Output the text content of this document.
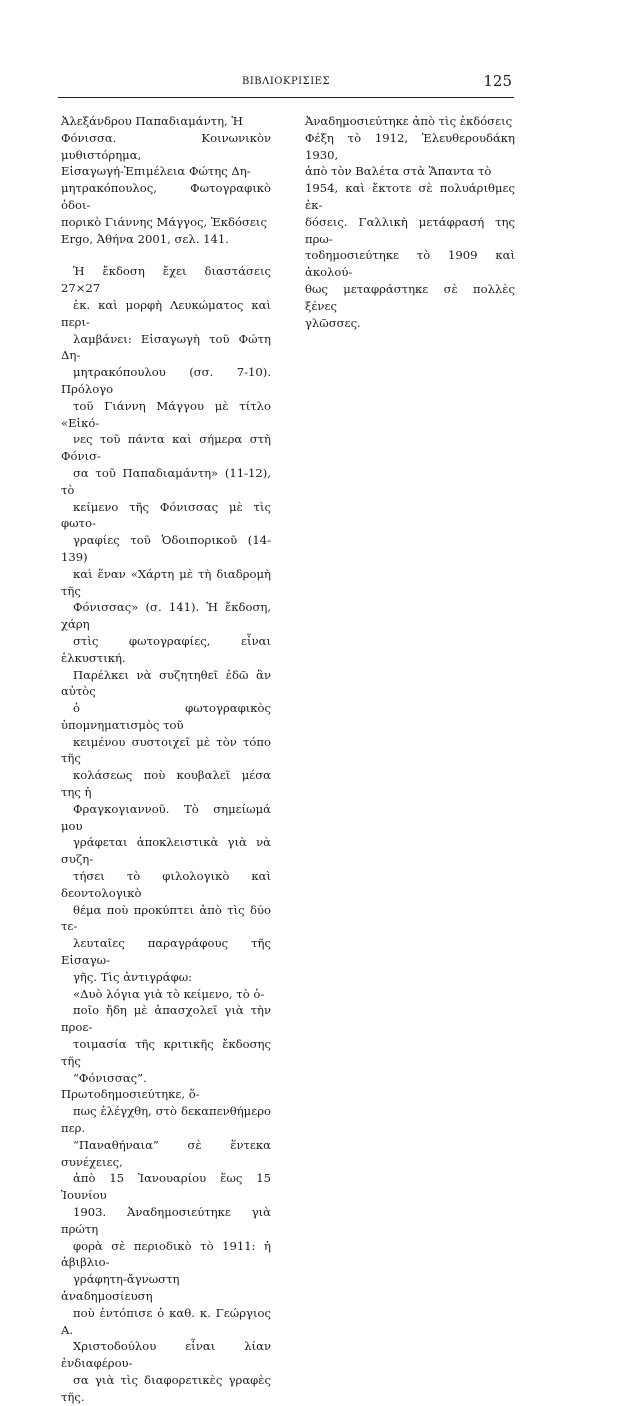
ΒΙΒΛΙΟΚΡΙΣΙΕΣ	125

Ἀλεξάνδρου Παπαδιαμάντη, Ἡ
Φόνισσα. Κοινωνικὸν μυθιστόρημα,
Εἰσαγωγή-Ἐπιμέλεια Φώτης Δη-
μητρακόπουλος, Φωτογραφικὸ ὁδοι-
πορικὸ Γιάννης Μάγγος, Ἐκδόσεις
Ergo, Ἀθήνα 2001, σελ. 141.

Ἡ ἔκδοση ἔχει διαστάσεις 27×27
ἑκ. καὶ μορφὴ Λευκώματος καὶ περι-
λαμβάνει: Εἰσαγωγὴ τοῦ Φώτη Δη-
μητρακόπουλου (σσ. 7-10). Πρόλογο
τοῦ Γιάννη Μάγγου μὲ τίτλο «Εἰκό-
νες τοῦ πάντα καὶ σήμερα στὴ Φόνισ-
σα τοῦ Παπαδιαμάντη» (11-12), τὸ
κείμενο τῆς Φόνισσας μὲ τὶς φωτο-
γραφίες τοῦ Ὁδοιπορικοῦ (14-139)
καὶ ἕναν «Χάρτη μὲ τὴ διαδρομὴ τῆς
Φόνισσας» (σ. 141). Ἡ ἔκδοση, χάρη
στὶς φωτογραφίες, εἶναι ἑλκυστική.
Παρέλκει νὰ συζητηθεῖ ἐδῶ ἂν αὐτὸς
ὁ φωτογραφικὸς ὑπομνηματισμὸς τοῦ
κειμένου συστοιχεῖ μὲ τὸν τόπο τῆς
κολάσεως ποὺ κουβαλεῖ μέσα της ἡ
Φραγκογιαννοῦ. Τὸ σημείωμά μου
γράφεται ἀποκλειστικὰ γιὰ νὰ συζη-
τήσει τὸ φιλολογικὸ καὶ δεοντολογικὸ
θέμα ποὺ προκύπτει ἀπὸ τὶς δύο τε-
λευταῖες παραγράφους τῆς Εἰσαγω-
γῆς. Τὶς ἀντιγράφω:

«Δυὸ λόγια γιὰ τὸ κείμενο, τὸ ὁ-
ποῖο ἤδη μὲ ἀπασχολεῖ γιὰ τὴν προε-
τοιμασία τῆς κριτικῆς ἔκδοσης τῆς
“Φόνισσας”. Πρωτοδημοσιεύτηκε, ὅ-
πως ἐλέγχθη, στὸ δεκαπενθήμερο περ.
“Παναθήναια” σὲ ἕντεκα συνέχειες,
ἀπὸ 15 Ἰανουαρίου ἕως 15 Ἰουνίου
1903. Ἀναδημοσιεύτηκε γιὰ πρώτη
φορὰ σὲ περιοδικὸ τὸ 1911: ἡ ἀβιβλιο-
γράφητη-ἄγνωστη ἀναδημοσίευση
ποὺ ἐντόπισε ὁ καθ. κ. Γεώργιος Α.
Χριστοδούλου εἶναι λίαν ἐνδιαφέρου-
σα γιὰ τὶς διαφορετικὲς γραφὲς τῆς.

Ἀναδημοσιεύτηκε ἀπὸ τὶς ἐκδόσεις
Φέξη τὸ 1912, Ἐλευθερουδάκη 1930,
ἀπὸ τὸν Βαλέτα στὰ Ἅπαντα τὸ
1954, καὶ ἔκτοτε σὲ πολυάριθμες ἐκ-
δόσεις. Γαλλικὴ μετάφρασή της πρω-
τοδημοσιεύτηκε τὸ 1909 καὶ ἀκολού-
θως μεταφράστηκε σὲ πολλὲς ξένες
γλῶσσες.
